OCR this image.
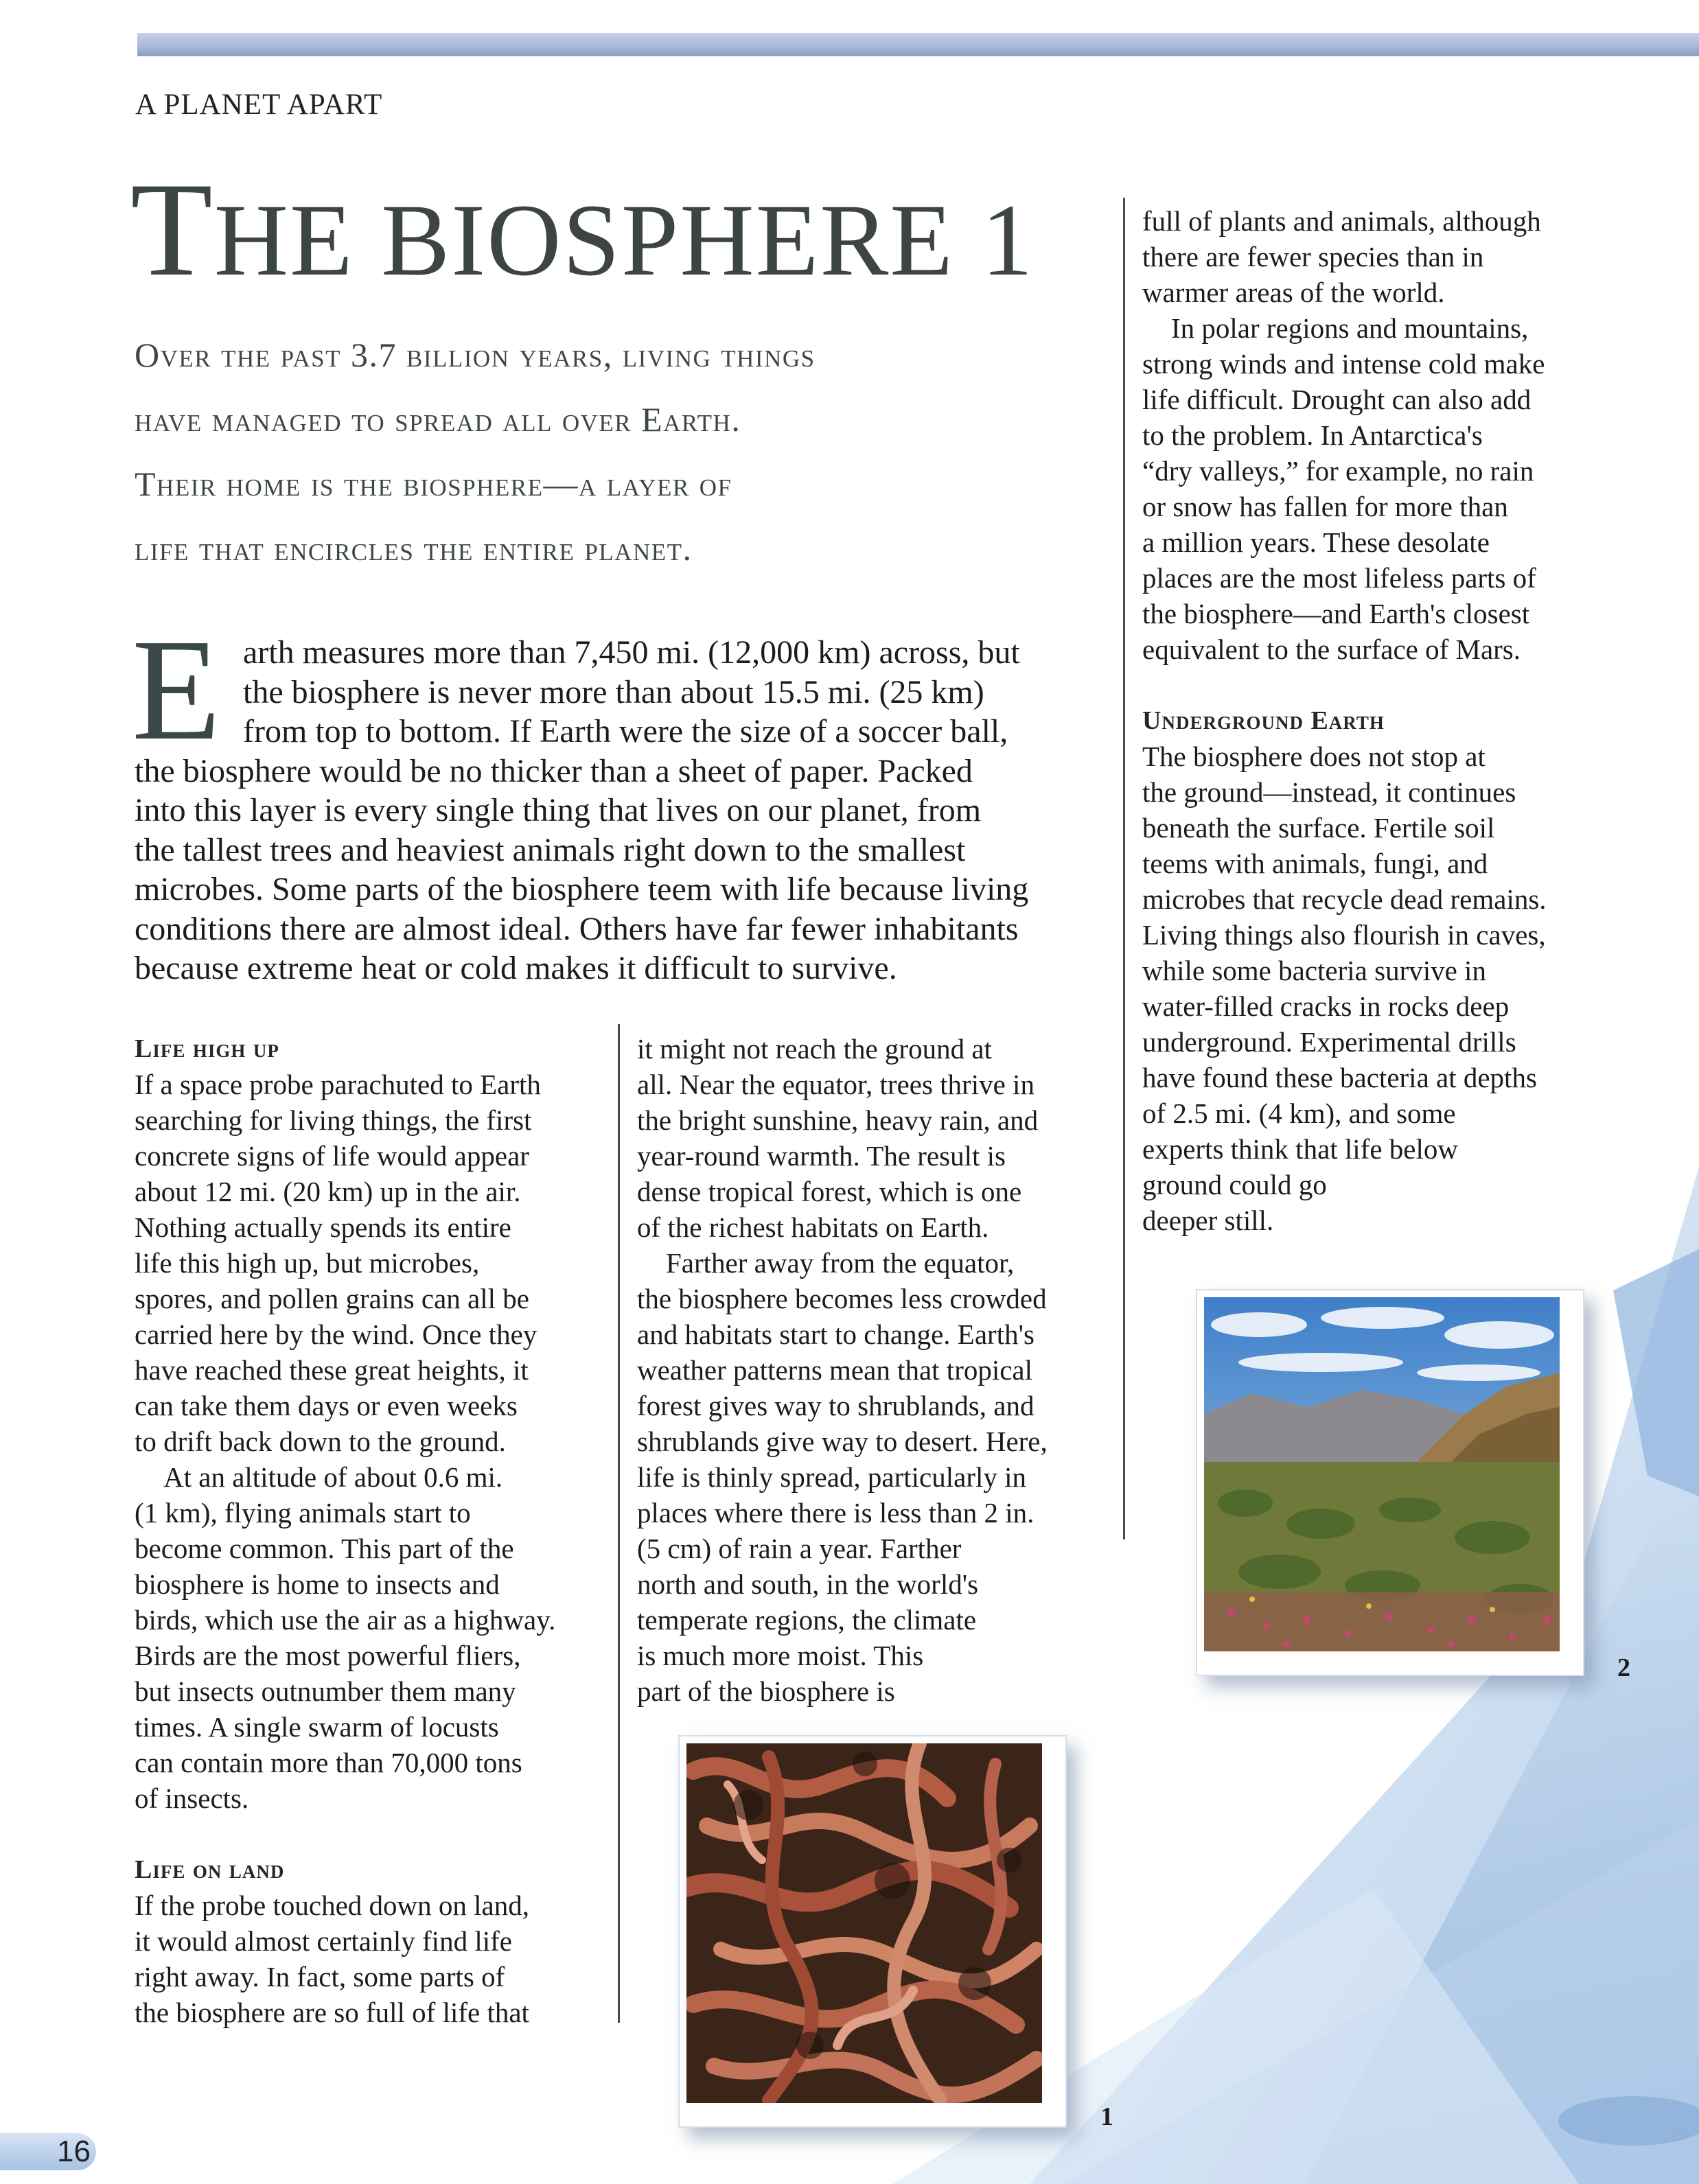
A PLANET APART
THE BIOSPHERE 1
Over the past 3.7 billion years, living things
have managed to spread all over Earth.
Their home is the biosphere—a layer of
life that encircles the entire planet.
E arth measures more than 7,450 mi. (12,000 km) across, but
the biosphere is never more than about 15.5 mi. (25 km)
from top to bottom. If Earth were the size of a soccer ball,
the biosphere would be no thicker than a sheet of paper. Packed
into this layer is every single thing that lives on our planet, from
the tallest trees and heaviest animals right down to the smallest
microbes. Some parts of the biosphere teem with life because living
conditions there are almost ideal. Others have far fewer inhabitants
because extreme heat or cold makes it difficult to survive.
Life high up
If a space probe parachuted to Earth
searching for living things, the first
concrete signs of life would appear
about 12 mi. (20 km) up in the air.
Nothing actually spends its entire
life this high up, but microbes,
spores, and pollen grains can all be
carried here by the wind. Once they
have reached these great heights, it
can take them days or even weeks
to drift back down to the ground.
At an altitude of about 0.6 mi.
(1 km), flying animals start to
become common. This part of the
biosphere is home to insects and
birds, which use the air as a highway.
Birds are the most powerful fliers,
but insects outnumber them many
times. A single swarm of locusts
can contain more than 70,000 tons
of insects.
Life on land
If the probe touched down on land,
it would almost certainly find life
right away. In fact, some parts of
the biosphere are so full of life that
it might not reach the ground at
all. Near the equator, trees thrive in
the bright sunshine, heavy rain, and
year-round warmth. The result is
dense tropical forest, which is one
of the richest habitats on Earth.
Farther away from the equator,
the biosphere becomes less crowded
and habitats start to change. Earth's
weather patterns mean that tropical
forest gives way to shrublands, and
shrublands give way to desert. Here,
life is thinly spread, particularly in
places where there is less than 2 in.
(5 cm) of rain a year. Farther
north and south, in the world's
temperate regions, the climate
is much more moist. This
part of the biosphere is
full of plants and animals, although
there are fewer species than in
warmer areas of the world.
In polar regions and mountains,
strong winds and intense cold make
life difficult. Drought can also add
to the problem. In Antarctica's
“dry valleys,” for example, no rain
or snow has fallen for more than
a million years. These desolate
places are the most lifeless parts of
the biosphere—and Earth's closest
equivalent to the surface of Mars.
Underground Earth
The biosphere does not stop at
the ground—instead, it continues
beneath the surface. Fertile soil
teems with animals, fungi, and
microbes that recycle dead remains.
Living things also flourish in caves,
while some bacteria survive in
water-filled cracks in rocks deep
underground. Experimental drills
have found these bacteria at depths
of 2.5 mi. (4 km), and some
experts think that life below
ground could go
deeper still.
1
2
16
